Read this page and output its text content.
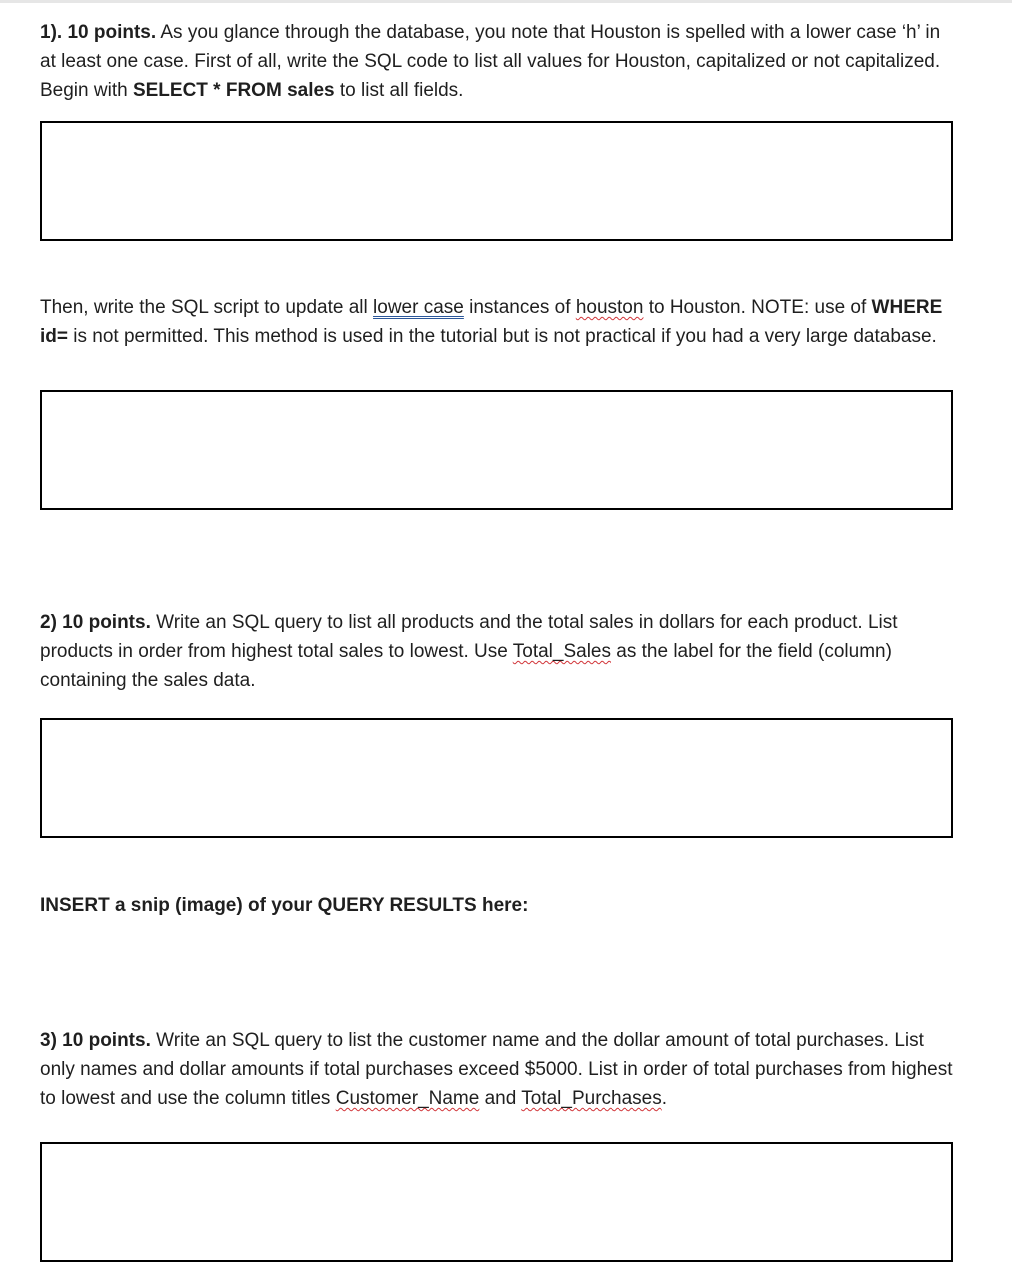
1). 10 points. As you glance through the database, you note that Houston is spelled with a lower case ‘h’ in at least one case. First of all, write the SQL code to list all values for Houston, capitalized or not capitalized. Begin with SELECT * FROM sales to list all fields.

Then, write the SQL script to update all lower case instances of houston to Houston. NOTE: use of WHERE id= is not permitted. This method is used in the tutorial but is not practical if you had a very large database.

2) 10 points. Write an SQL query to list all products and the total sales in dollars for each product. List products in order from highest total sales to lowest. Use Total_Sales as the label for the field (column) containing the sales data.

INSERT a snip (image) of your QUERY RESULTS here:

3) 10 points. Write an SQL query to list the customer name and the dollar amount of total purchases. List only names and dollar amounts if total purchases exceed $5000. List in order of total purchases from highest to lowest and use the column titles Customer_Name and Total_Purchases.
